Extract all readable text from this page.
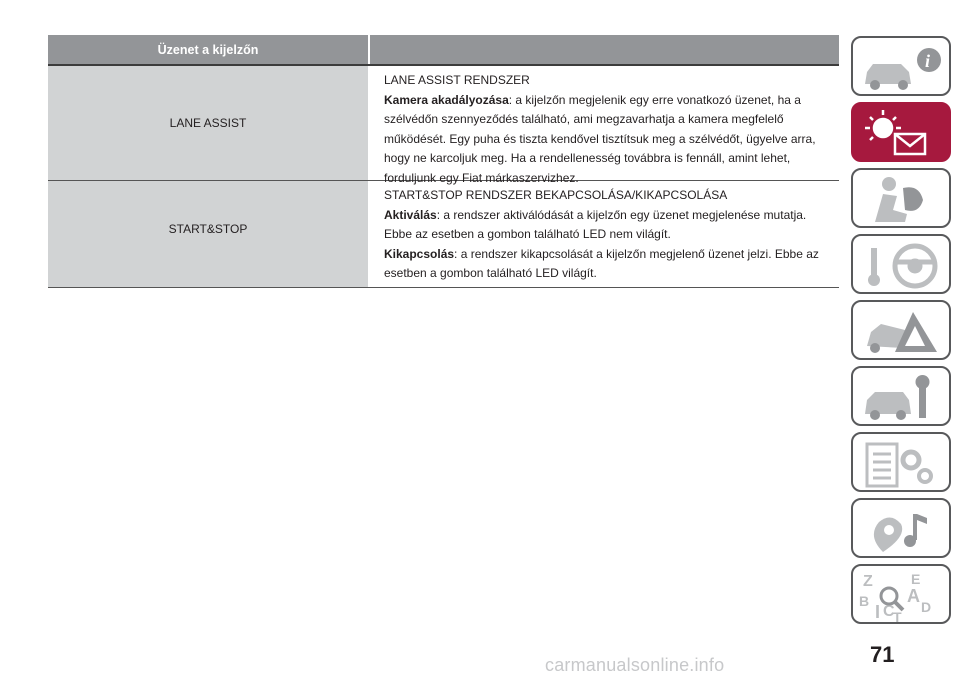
Üzenet a kijelzőn
LANE ASSIST
LANE ASSIST RENDSZER
Kamera akadályozása: a kijelzőn megjelenik egy erre vonatkozó üzenet, ha a
szélvédőn szennyeződés található, ami megzavarhatja a kamera megfelelő
működését. Egy puha és tiszta kendővel tisztítsuk meg a szélvédőt, ügyelve arra,
hogy ne karcoljuk meg. Ha a rendellenesség továbbra is fennáll, amint lehet,
forduljunk egy Fiat márkaszervizhez.
START&STOP
START&STOP RENDSZER BEKAPCSOLÁSA/KIKAPCSOLÁSA
Aktiválás: a rendszer aktiválódását a kijelzőn egy üzenet megjelenése mutatja.
Ebbe az esetben a gombon található LED nem világít.
Kikapcsolás: a rendszer kikapcsolását a kijelzőn megjelenő üzenet jelzi. Ebbe az
esetben a gombon található LED világít.
i
Z	E
B A
D
I C
T
71
carmanualsonline.info
